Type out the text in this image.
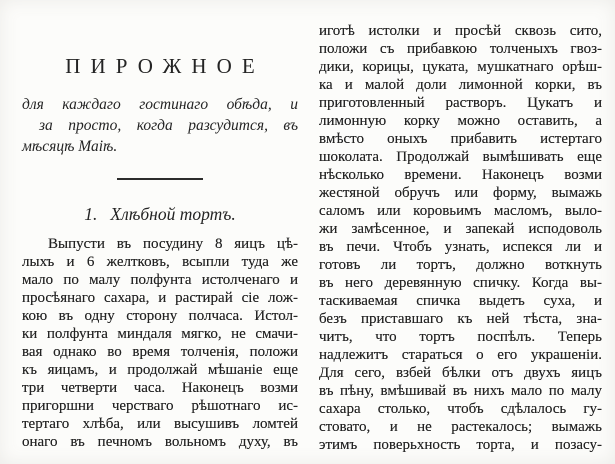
ПИРОЖНОЕ
для каждаго гостинаго обѣда, и
за просто, когда разсудится, въ
мѣсяцѣ Маіѣ.
1. Хлѣбной тортъ.
Выпусти въ посудину 8 яицъ цѣ-
лыхъ и 6 желтковъ, всыпли туда же
мало по малу полфунта истолченаго и
просѣянаго сахара, и растирай сіе лож-
кою въ одну сторону полчаса. Истол-
ки полфунта миндаля мягко, не смачи-
вая однако во время толченія, положи
къ яицамъ, и продолжай мѣшаніе еще
три четверти часа. Наконецъ возми
пригоршни черстваго рѣшотнаго ис-
тертаго хлѣба, или высушивъ ломтей
онаго въ печномъ вольномъ духу, въ
иготѣ истолки и просѣй сквозь сито,
положи съ прибавкою толченыхъ гвоз-
дики, корицы, цуката, мушкатнаго орѣш-
ка и малой доли лимонной корки, въ
приготовленный растворъ. Цукатъ и
лимонную корку можно оставить, а
вмѣсто оныхъ прибавить истертаго
шоколата. Продолжай вымѣшивать еще
нѣсколько времени. Наконецъ возми
жестяной обручъ или форму, вымажь
саломъ или коровьимъ масломъ, выло-
жи замѣсенное, и запекай исподоволь
въ печи. Чтобъ узнать, испекся ли и
готовъ ли тортъ, должно воткнуть
въ него деревянную спичку. Когда вы-
таскиваемая спичка выдетъ суха, и
безъ приставшаго къ ней тѣста, зна-
читъ, что тортъ поспѣлъ. Теперь
надлежитъ стараться о его украшеніи.
Для сего, взбей бѣлки отъ двухъ яицъ
въ пѣну, вмѣшивай въ нихъ мало по малу
сахара столько, чтобъ сдѣлалось гу-
стовато, и не растекалось; вымажь
этимъ поверьхность торта, и позасу-
